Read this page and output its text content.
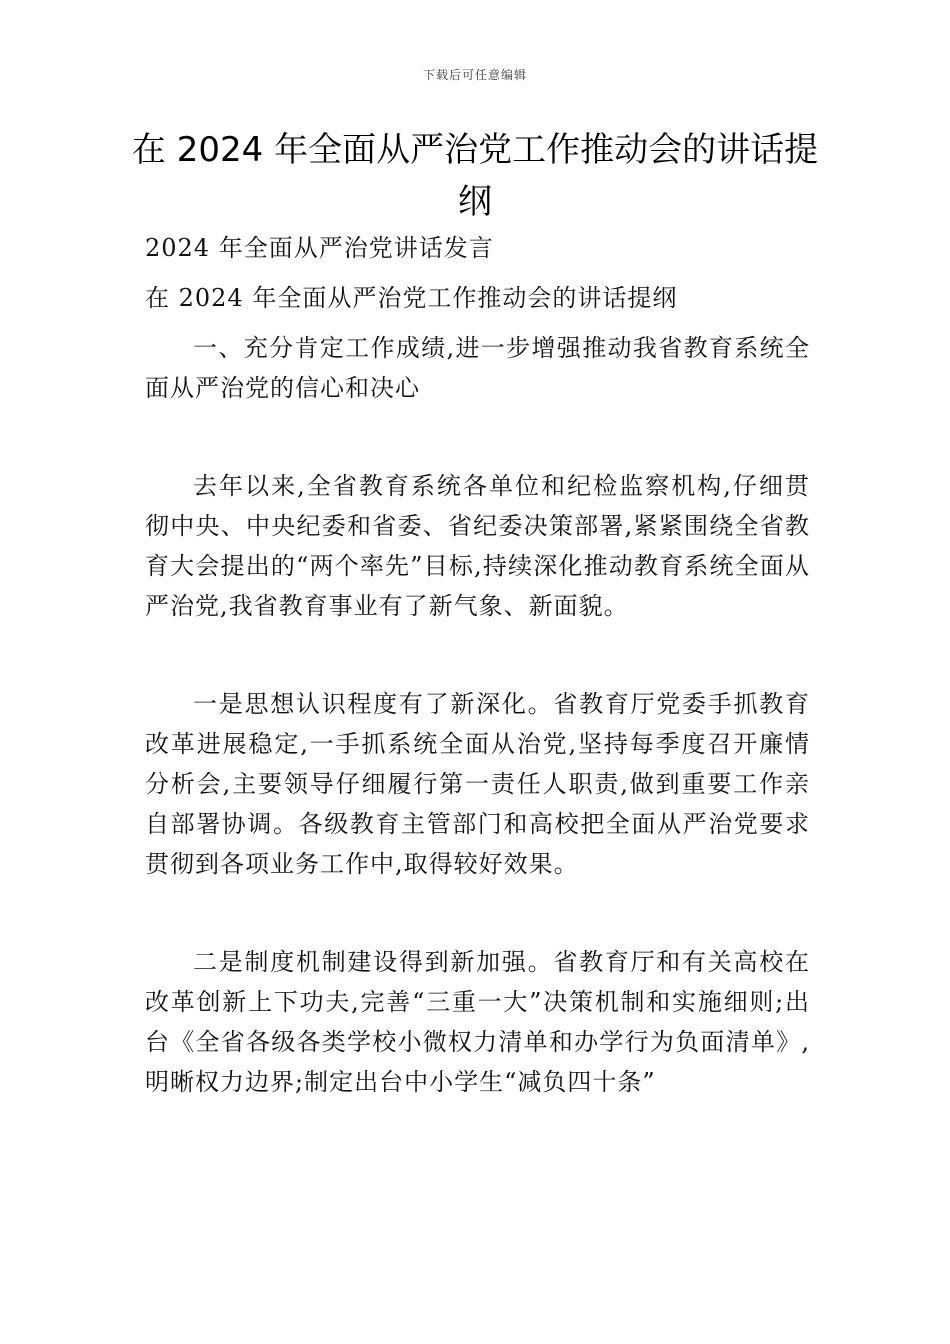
下载后可任意编辑
在 2024 年全面从严治党工作推动会的讲话提纲

2024 年全面从严治党讲话发言

在 2024 年全面从严治党工作推动会的讲话提纲

一、充分肯定工作成绩,进一步增强推动我省教育系统全面从严治党的信心和决心

去年以来,全省教育系统各单位和纪检监察机构,仔细贯彻中央、中央纪委和省委、省纪委决策部署,紧紧围绕全省教育大会提出的“两个率先”目标,持续深化推动教育系统全面从严治党,我省教育事业有了新气象、新面貌。

一是思想认识程度有了新深化。省教育厅党委手抓教育改革进展稳定,一手抓系统全面从治党,坚持每季度召开廉情分析会,主要领导仔细履行第一责任人职责,做到重要工作亲自部署协调。各级教育主管部门和高校把全面从严治党要求贯彻到各项业务工作中,取得较好效果。

二是制度机制建设得到新加强。省教育厅和有关高校在改革创新上下功夫,完善“三重一大”决策机制和实施细则;出台《全省各级各类学校小微权力清单和办学行为负面清单》,明晰权力边界;制定出台中小学生“减负四十条”
